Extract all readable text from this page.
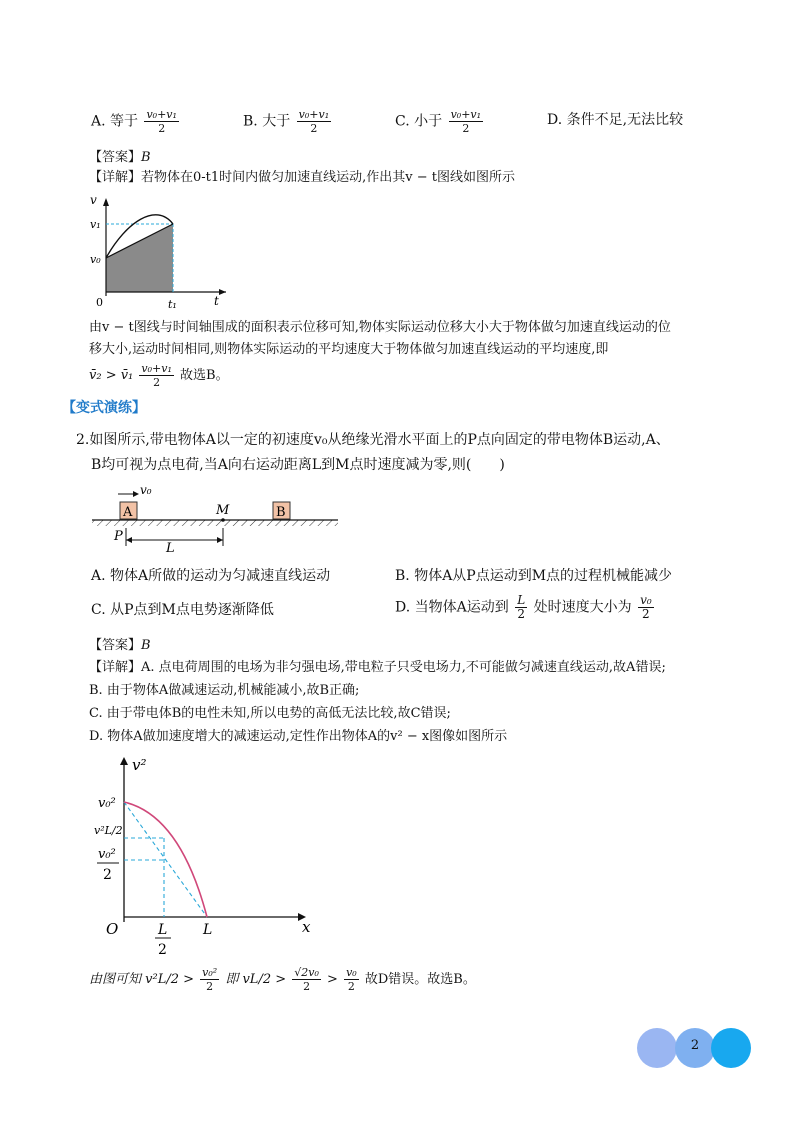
A. 等于 $\frac{\text{v₀+v₁}}{2}$	B. 大于 $\frac{\text{v₀+v₁}}{2}$	C. 小于 $\frac{\text{v₀+v₁}}{2}$	D. 条件不足,无法比较
【答案】B
【详解】若物体在0-t1时间内做匀加速直线运动,作出其v − t图线如图所示
v
t
v₁
v₀
0	t₁
由v − t图线与时间轴围成的面积表示位移可知,物体实际运动位移大小大于物体做匀加速直线运动的位
移大小,运动时间相同,则物体实际运动的平均速度大于物体做匀加速直线运动的平均速度,即
v̄₂ > v̄₁ $\frac{\text{v₀+v₁}}{2}$ 故选B。
【变式演练】
2.如图所示,带电物体A以一定的初速度v₀从绝缘光滑水平面上的P点向固定的带电物体B运动,A、
B均可视为点电荷,当A向右运动距离L到M点时速度减为零,则(　　)
A	B
v₀
M
P
L
A. 物体A所做的运动为匀减速直线运动	B. 物体A从P点运动到M点的过程机械能减少
C. 从P点到M点电势逐渐降低	D. 当物体A运动到 $\frac{L}{2}$ 处时速度大小为 $\frac{\text{v₀}}{2}$
【答案】B
【详解】A. 点电荷周围的电场为非匀强电场,带电粒子只受电场力,不可能做匀减速直线运动,故A错误;
B. 由于物体A做减速运动,机械能减小,故B正确;
C. 由于带电体B的电性未知,所以电势的高低无法比较,故C错误;
D. 物体A做加速度增大的减速运动,定性作出物体A的v² − x图像如图所示
v²
x
O
v₀²
v²L/2
v₀²
2
L
2
L
由图可知 $v^2L/2 > \frac{\text{v₀²}}{2}$ 即 $vL/2 > \frac{\text{√2v₀}}{2} > \frac{\text{v₀}}{2}$ 故D错误。故选B。
2
